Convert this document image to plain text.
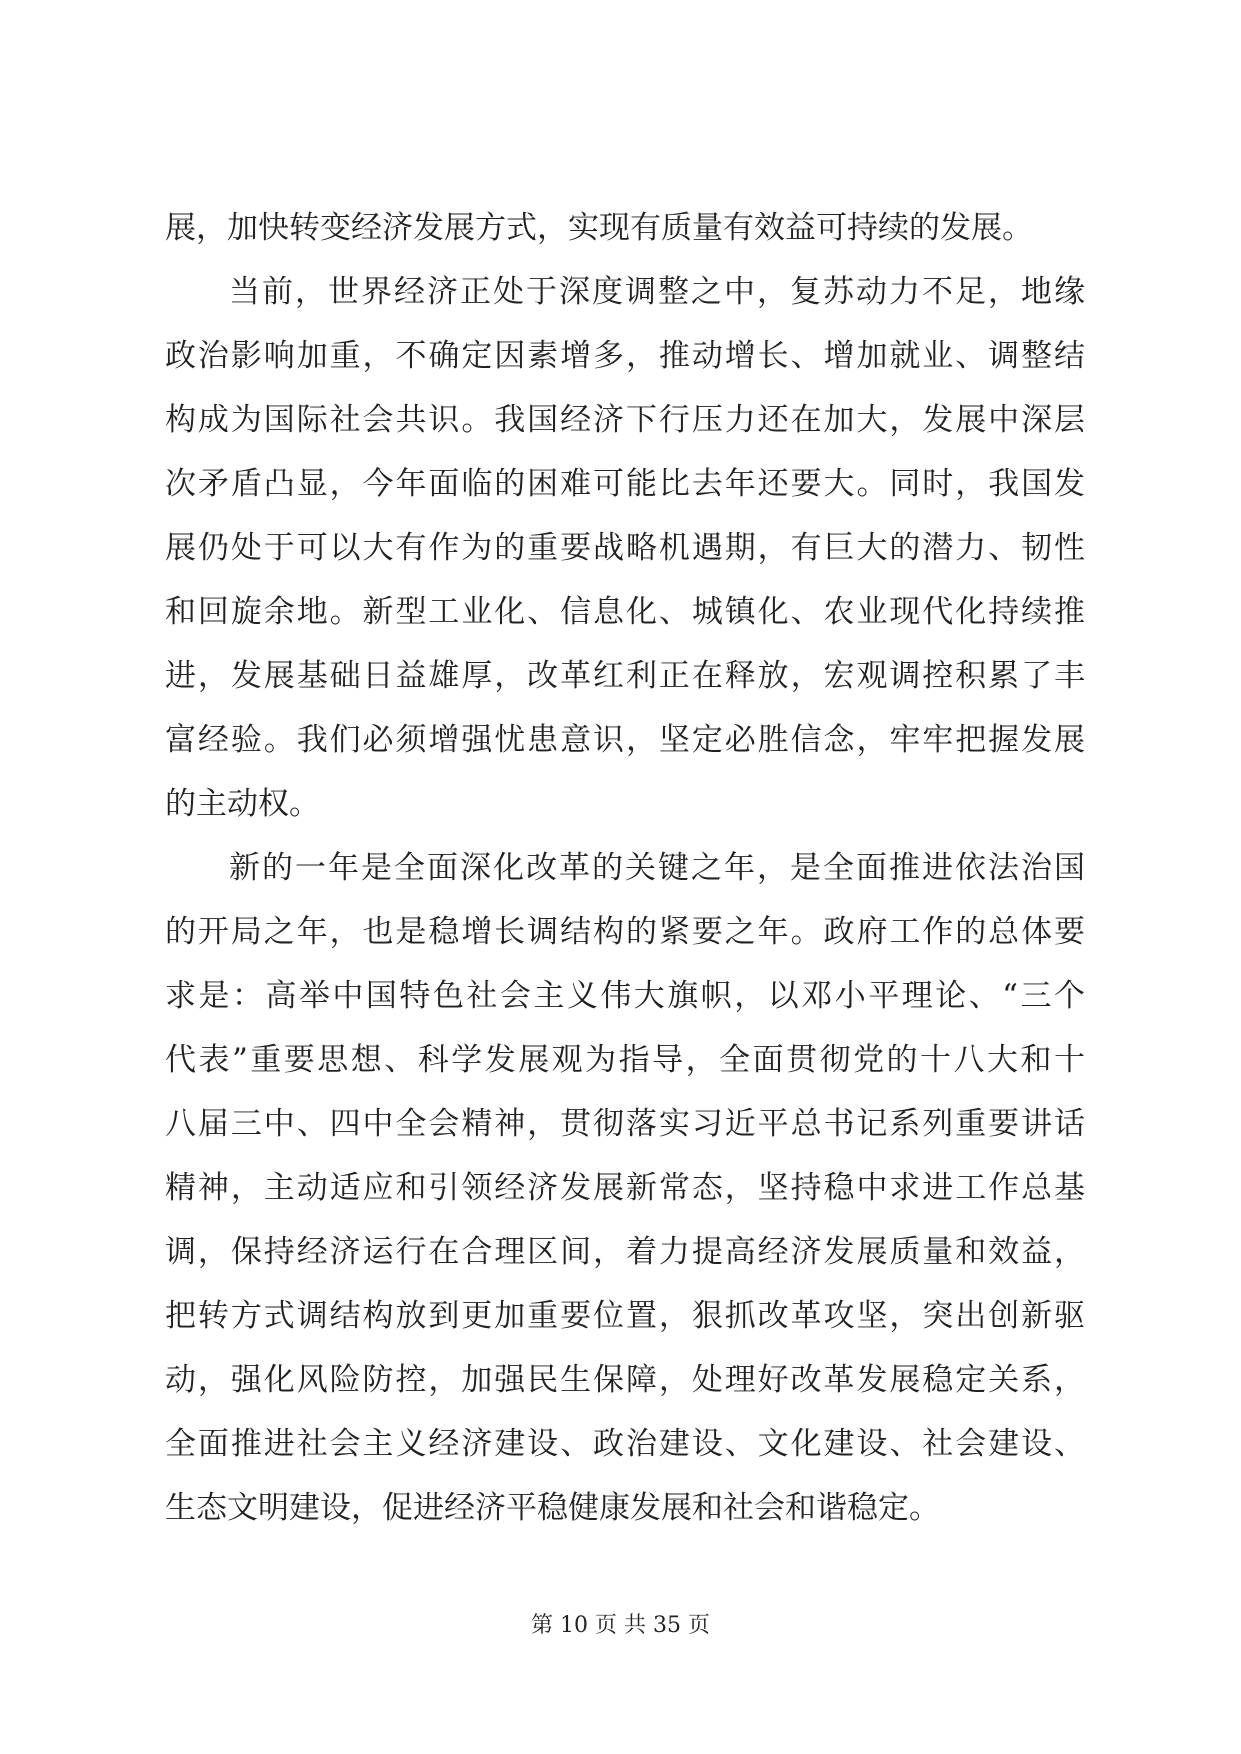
展，加快转变经济发展方式，实现有质量有效益可持续的发展。
当前，世界经济正处于深度调整之中，复苏动力不足，地缘
政治影响加重，不确定因素增多，推动增长、增加就业、调整结
构成为国际社会共识。我国经济下行压力还在加大，发展中深层
次矛盾凸显，今年面临的困难可能比去年还要大。同时，我国发
展仍处于可以大有作为的重要战略机遇期，有巨大的潜力、韧性
和回旋余地。新型工业化、信息化、城镇化、农业现代化持续推
进，发展基础日益雄厚，改革红利正在释放，宏观调控积累了丰
富经验。我们必须增强忧患意识，坚定必胜信念，牢牢把握发展
的主动权。
新的一年是全面深化改革的关键之年，是全面推进依法治国
的开局之年，也是稳增长调结构的紧要之年。政府工作的总体要
求是：高举中国特色社会主义伟大旗帜，以邓小平理论、“三个
代表”重要思想、科学发展观为指导，全面贯彻党的十八大和十
八届三中、四中全会精神，贯彻落实习近平总书记系列重要讲话
精神，主动适应和引领经济发展新常态，坚持稳中求进工作总基
调，保持经济运行在合理区间，着力提高经济发展质量和效益，
把转方式调结构放到更加重要位置，狠抓改革攻坚，突出创新驱
动，强化风险防控，加强民生保障，处理好改革发展稳定关系，
全面推进社会主义经济建设、政治建设、文化建设、社会建设、
生态文明建设，促进经济平稳健康发展和社会和谐稳定。
第 10 页 共 35 页
